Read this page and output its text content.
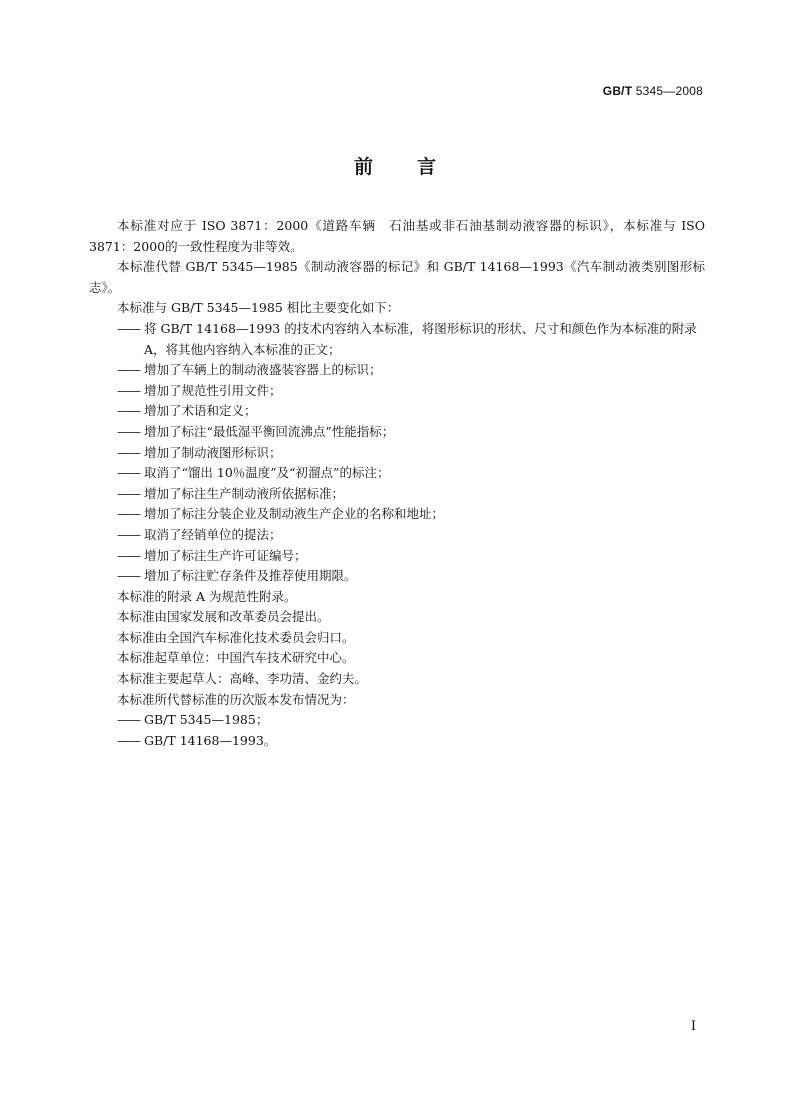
GB/T 5345—2008
前 言

本标准对应于 ISO 3871：2000《道路车辆　石油基或非石油基制动液容器的标识》，本标准与 ISO 3871：2000的一致性程度为非等效。

本标准代替 GB/T 5345—1985《制动液容器的标记》和 GB/T 14168—1993《汽车制动液类别图形标志》。

本标准与 GB/T 5345—1985 相比主要变化如下：

—— 将 GB/T 14168—1993 的技术内容纳入本标准，将图形标识的形状、尺寸和颜色作为本标准的附录 A，将其他内容纳入本标准的正文；

—— 增加了车辆上的制动液盛装容器上的标识；

—— 增加了规范性引用文件；

—— 增加了术语和定义；

—— 增加了标注“最低湿平衡回流沸点”性能指标；

—— 增加了制动液图形标识；

—— 取消了“馏出 10％温度”及“初溜点”的标注；

—— 增加了标注生产制动液所依据标准；

—— 增加了标注分装企业及制动液生产企业的名称和地址；

—— 取消了经销单位的提法；

—— 增加了标注生产许可证编号；

—— 增加了标注贮存条件及推荐使用期限。

本标准的附录 A 为规范性附录。

本标准由国家发展和改革委员会提出。

本标准由全国汽车标准化技术委员会归口。

本标准起草单位：中国汽车技术研究中心。

本标准主要起草人：高峰、李功清、金约夫。

本标准所代替标准的历次版本发布情况为：

—— GB/T 5345—1985；

—— GB/T 14168—1993。

I
